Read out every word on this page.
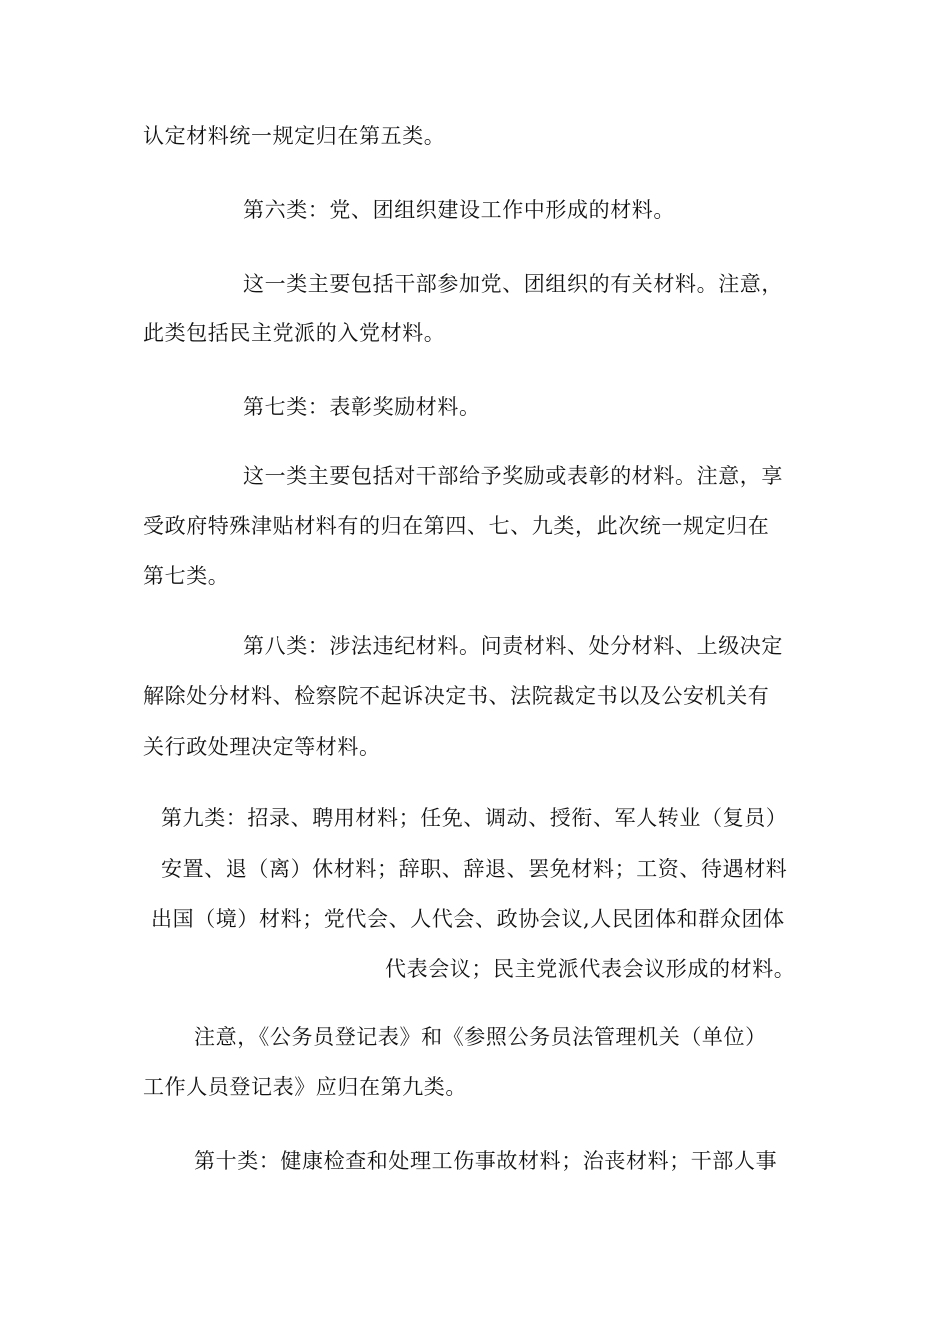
认定材料统一规定归在第五类。
第六类：党、团组织建设工作中形成的材料。
这一类主要包括干部参加党、团组织的有关材料。注意，
此类包括民主党派的入党材料。
第七类：表彰奖励材料。
这一类主要包括对干部给予奖励或表彰的材料。注意，享
受政府特殊津贴材料有的归在第四、七、九类，此次统一规定归在
第七类。
第八类：涉法违纪材料。问责材料、处分材料、上级决定
解除处分材料、检察院不起诉决定书、法院裁定书以及公安机关有
关行政处理决定等材料。
第九类：招录、聘用材料；任免、调动、授衔、军人转业（复员）
安置、退（离）休材料；辞职、辞退、罢免材料；工资、待遇材料
出国（境）材料；党代会、人代会、政协会议,人民团体和群众团体
代表会议；民主党派代表会议形成的材料。
注意，《公务员登记表》和《参照公务员法管理机关（单位）
工作人员登记表》应归在第九类。
第十类：健康检查和处理工伤事故材料；治丧材料；干部人事
